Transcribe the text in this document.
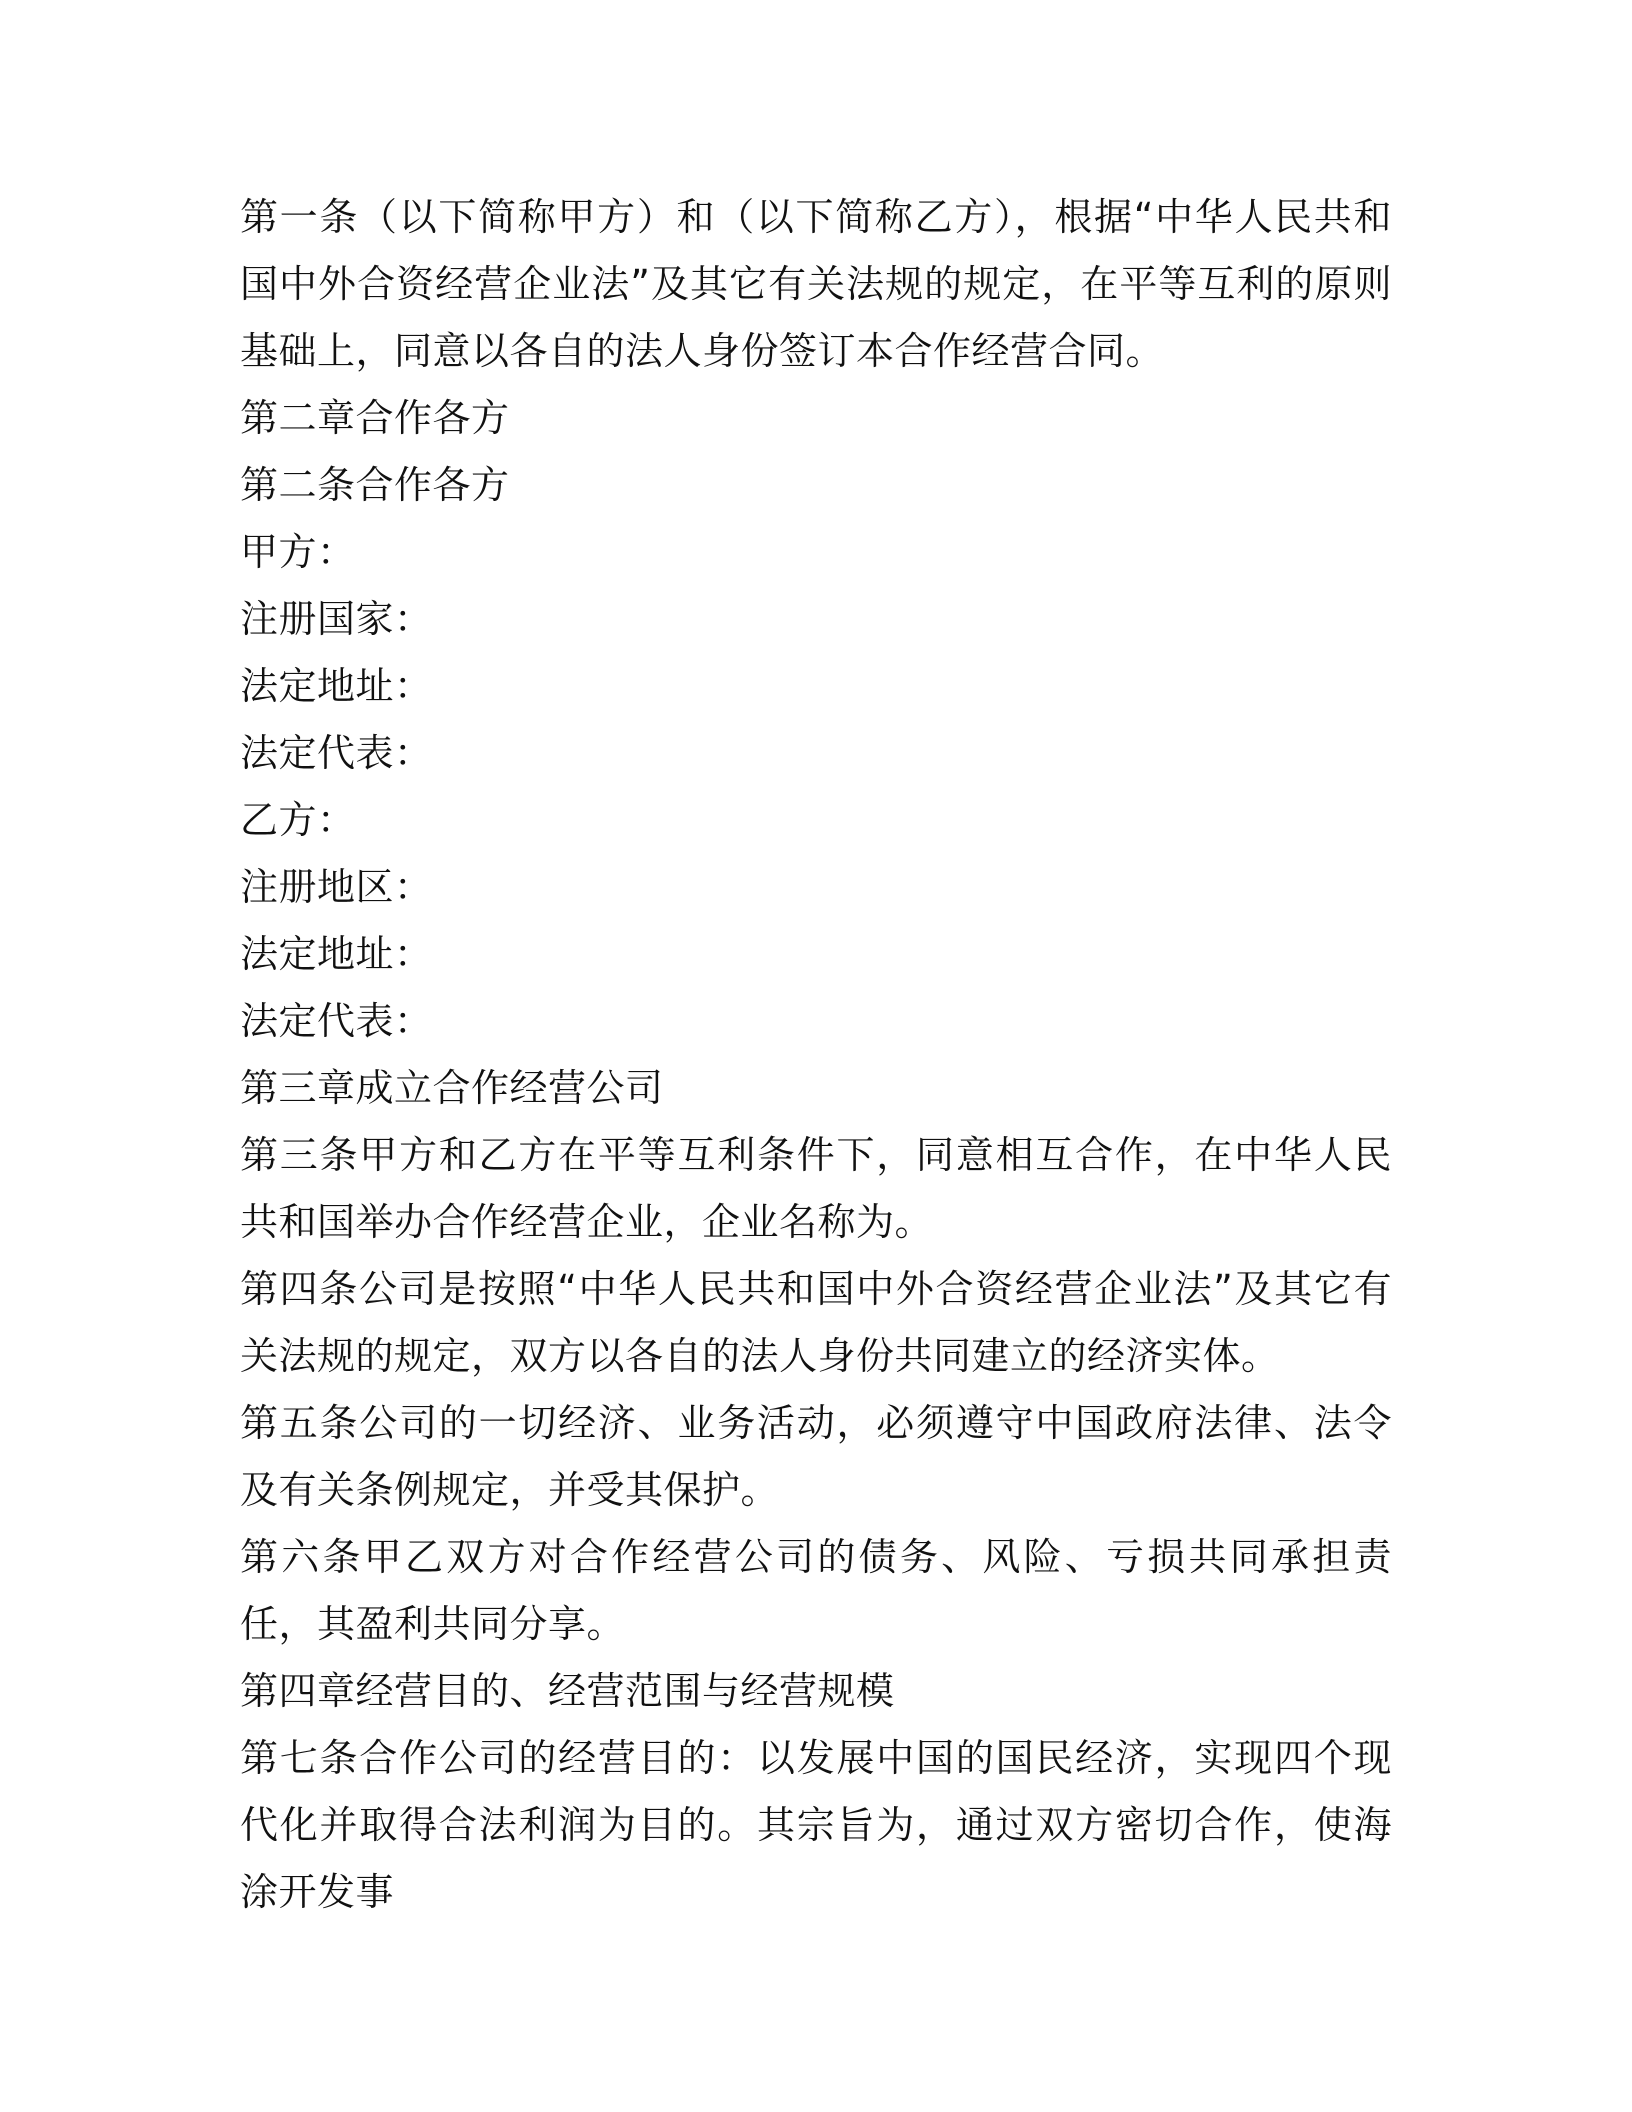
第一条（以下简称甲方）和（以下简称乙方），根据“中华人民共和国中外合资经营企业法”及其它有关法规的规定，在平等互利的原则基础上，同意以各自的法人身份签订本合作经营合同。

第二章合作各方

第二条合作各方

甲方：

注册国家：

法定地址：

法定代表：

乙方：

注册地区：

法定地址：

法定代表：

第三章成立合作经营公司

第三条甲方和乙方在平等互利条件下，同意相互合作，在中华人民共和国举办合作经营企业，企业名称为。

第四条公司是按照“中华人民共和国中外合资经营企业法”及其它有关法规的规定，双方以各自的法人身份共同建立的经济实体。

第五条公司的一切经济、业务活动，必须遵守中国政府法律、法令及有关条例规定，并受其保护。

第六条甲乙双方对合作经营公司的债务、风险、亏损共同承担责任，其盈利共同分享。

第四章经营目的、经营范围与经营规模

第七条合作公司的经营目的：以发展中国的国民经济，实现四个现代化并取得合法利润为目的。其宗旨为，通过双方密切合作，使海涂开发事
